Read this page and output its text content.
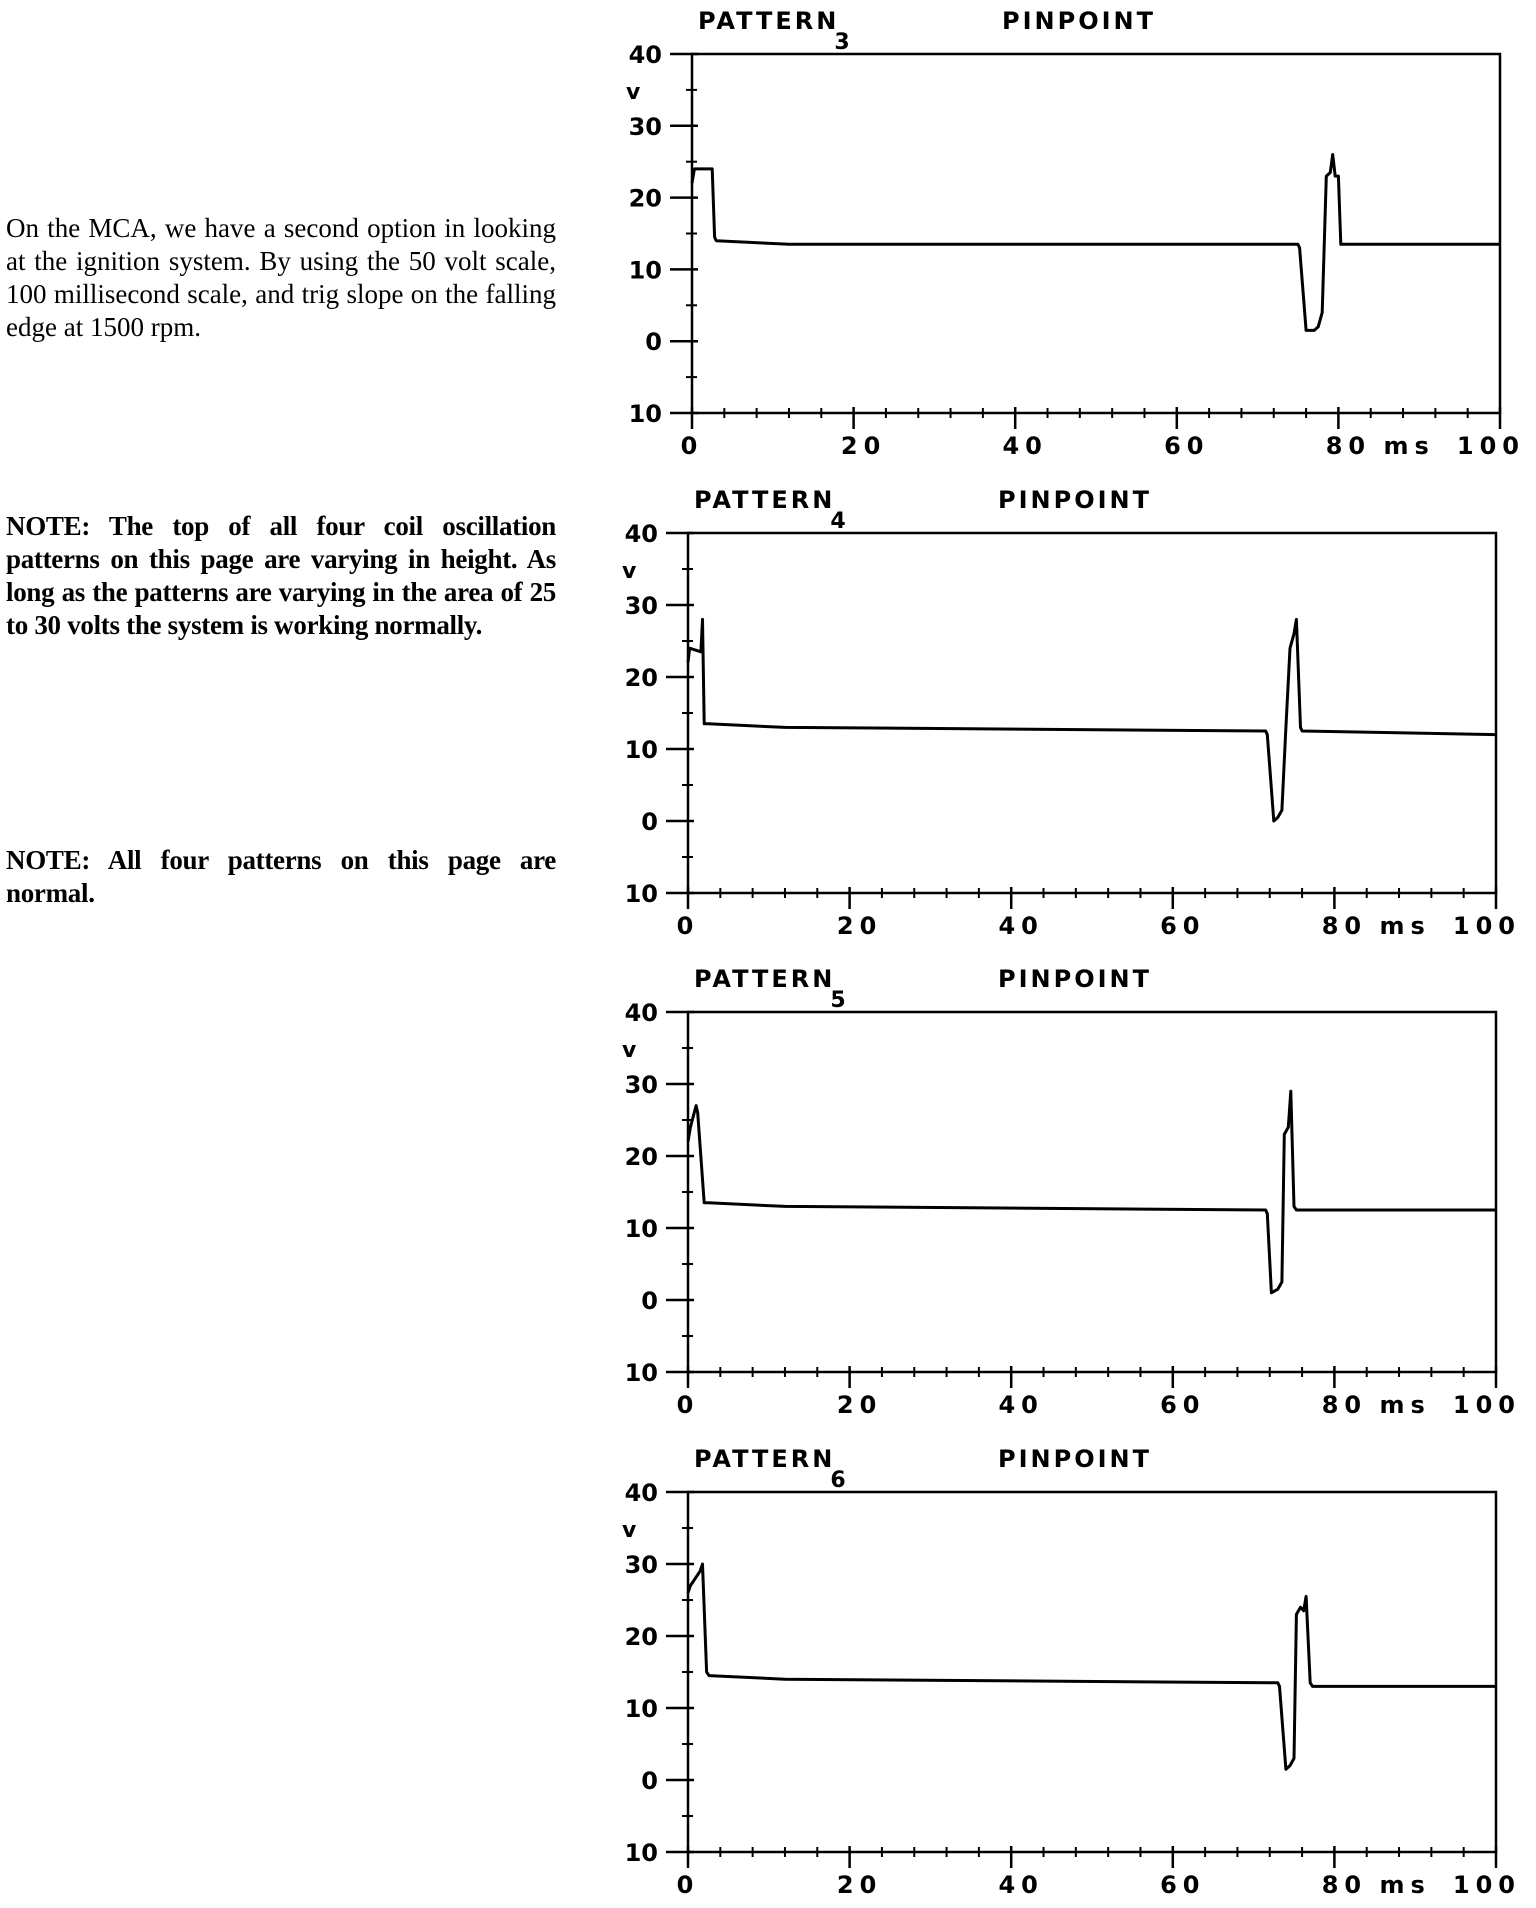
On the MCA, we have a second option in looking at the ignition system. By using the 50 volt scale, 100 millisecond scale, and trig slope on the falling edge at 1500 rpm.

NOTE: The top of all four coil oscillation patterns on this page are varying in height. As long as the patterns are varying in the area of 25 to 30 volts the system is working normally.

NOTE: All four patterns on this page are normal.

PATTERN
3
PINPOINT
40
30
20
10
0
10
v
0	20	40	60	80	100
ms
PATTERN
4
PINPOINT
40
30
20
10
0
10
v
0	20	40	60	80	100
ms
PATTERN
5
PINPOINT
40
30
20
10
0
10
v
0	20	40	60	80	100
ms
PATTERN
6
PINPOINT
40
30
20
10
0
10
v
0	20	40	60	80	100
ms
